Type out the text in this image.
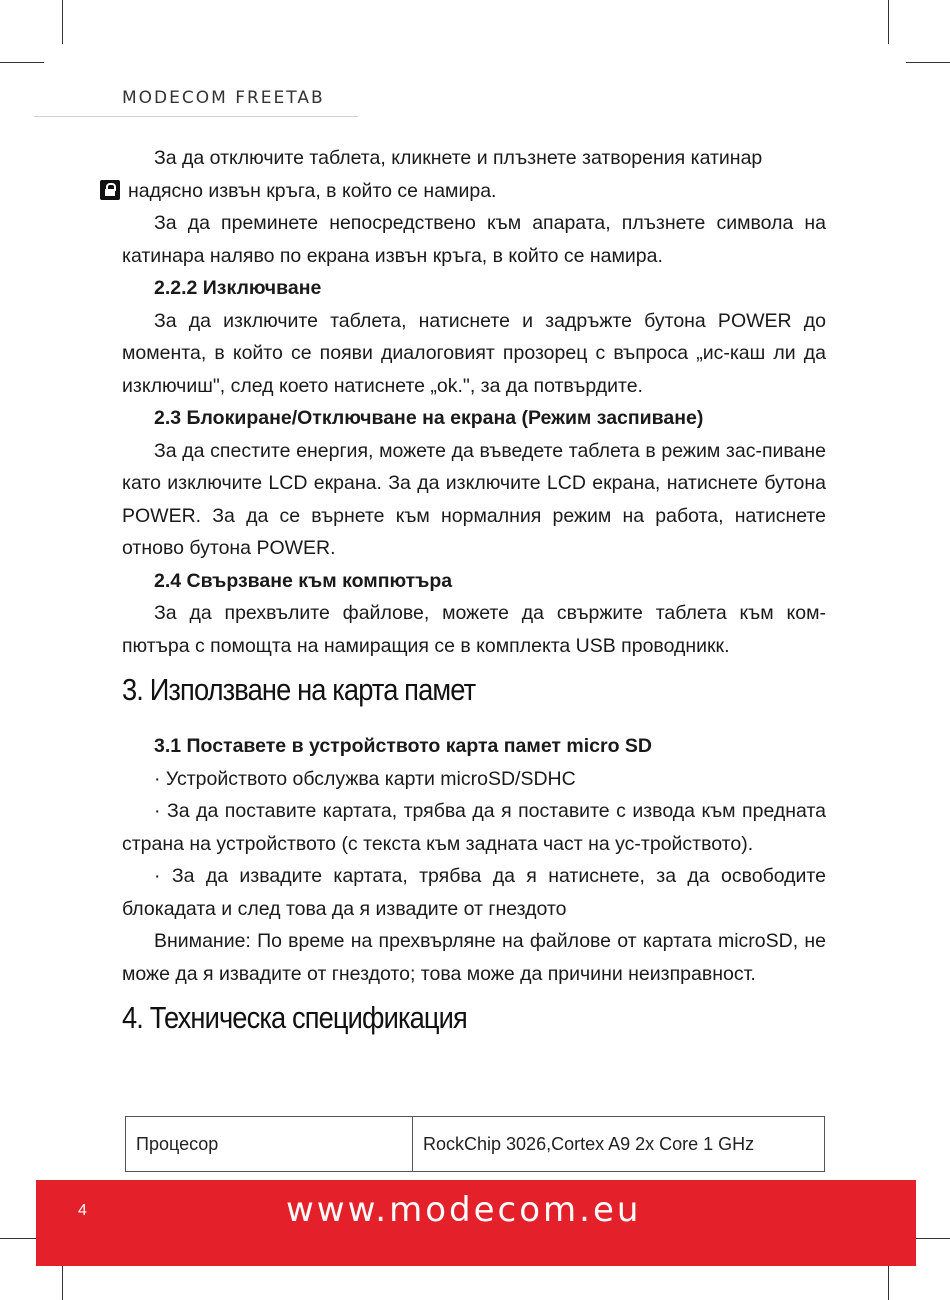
MODECOM FREETAB

За да отключите таблета, кликнете и плъзнете затворения катинар

надясно извън кръга, в който се намира.

За да преминете непосредствено към апарата, плъзнете символа на катинара наляво по екрана извън кръга, в който се намира.

2.2.2 Изключване

За да изключите таблета, натиснете и задръжте бутона POWER до момента, в който се появи диалоговият прозорец с въпроса „ис-каш ли да изключиш", след което натиснете „ok.", за да потвърдите.

2.3 Блокиране/Отключване на екрана (Режим заспиване)

За да спестите енергия, можете да въведете таблета в режим зас-пиване като изключите LCD екрана. За да изключите LCD екрана, натиснете бутона POWER. За да се върнете към нормалния режим на работа, натиснете отново бутона POWER.

2.4 Свързване към компютъра

За да прехвълите файлове, можете да свържите таблета към ком-пютъра с помощта на намиращия се в комплекта USB проводникк.

3. Използване на карта памет

3.1 Поставете в устройството карта памет micro SD

· Устройството обслужва карти microSD/SDHC

· За да поставите картата, трябва да я поставите с извода към предната страна на устройството (с текста към задната част на ус-тройството).

· За да извадите картата, трябва да я натиснете, за да освободите блокадата и след това да я извадите от гнездото

Внимание: По време на прехвърляне на файлове от картата microSD, не може да я извадите от гнездото; това може да причини неизправност.

4. Техническа спецификация

Процесор	RockChip 3026,Cortex A9 2x Core 1 GHz
4	www.modecom.eu
